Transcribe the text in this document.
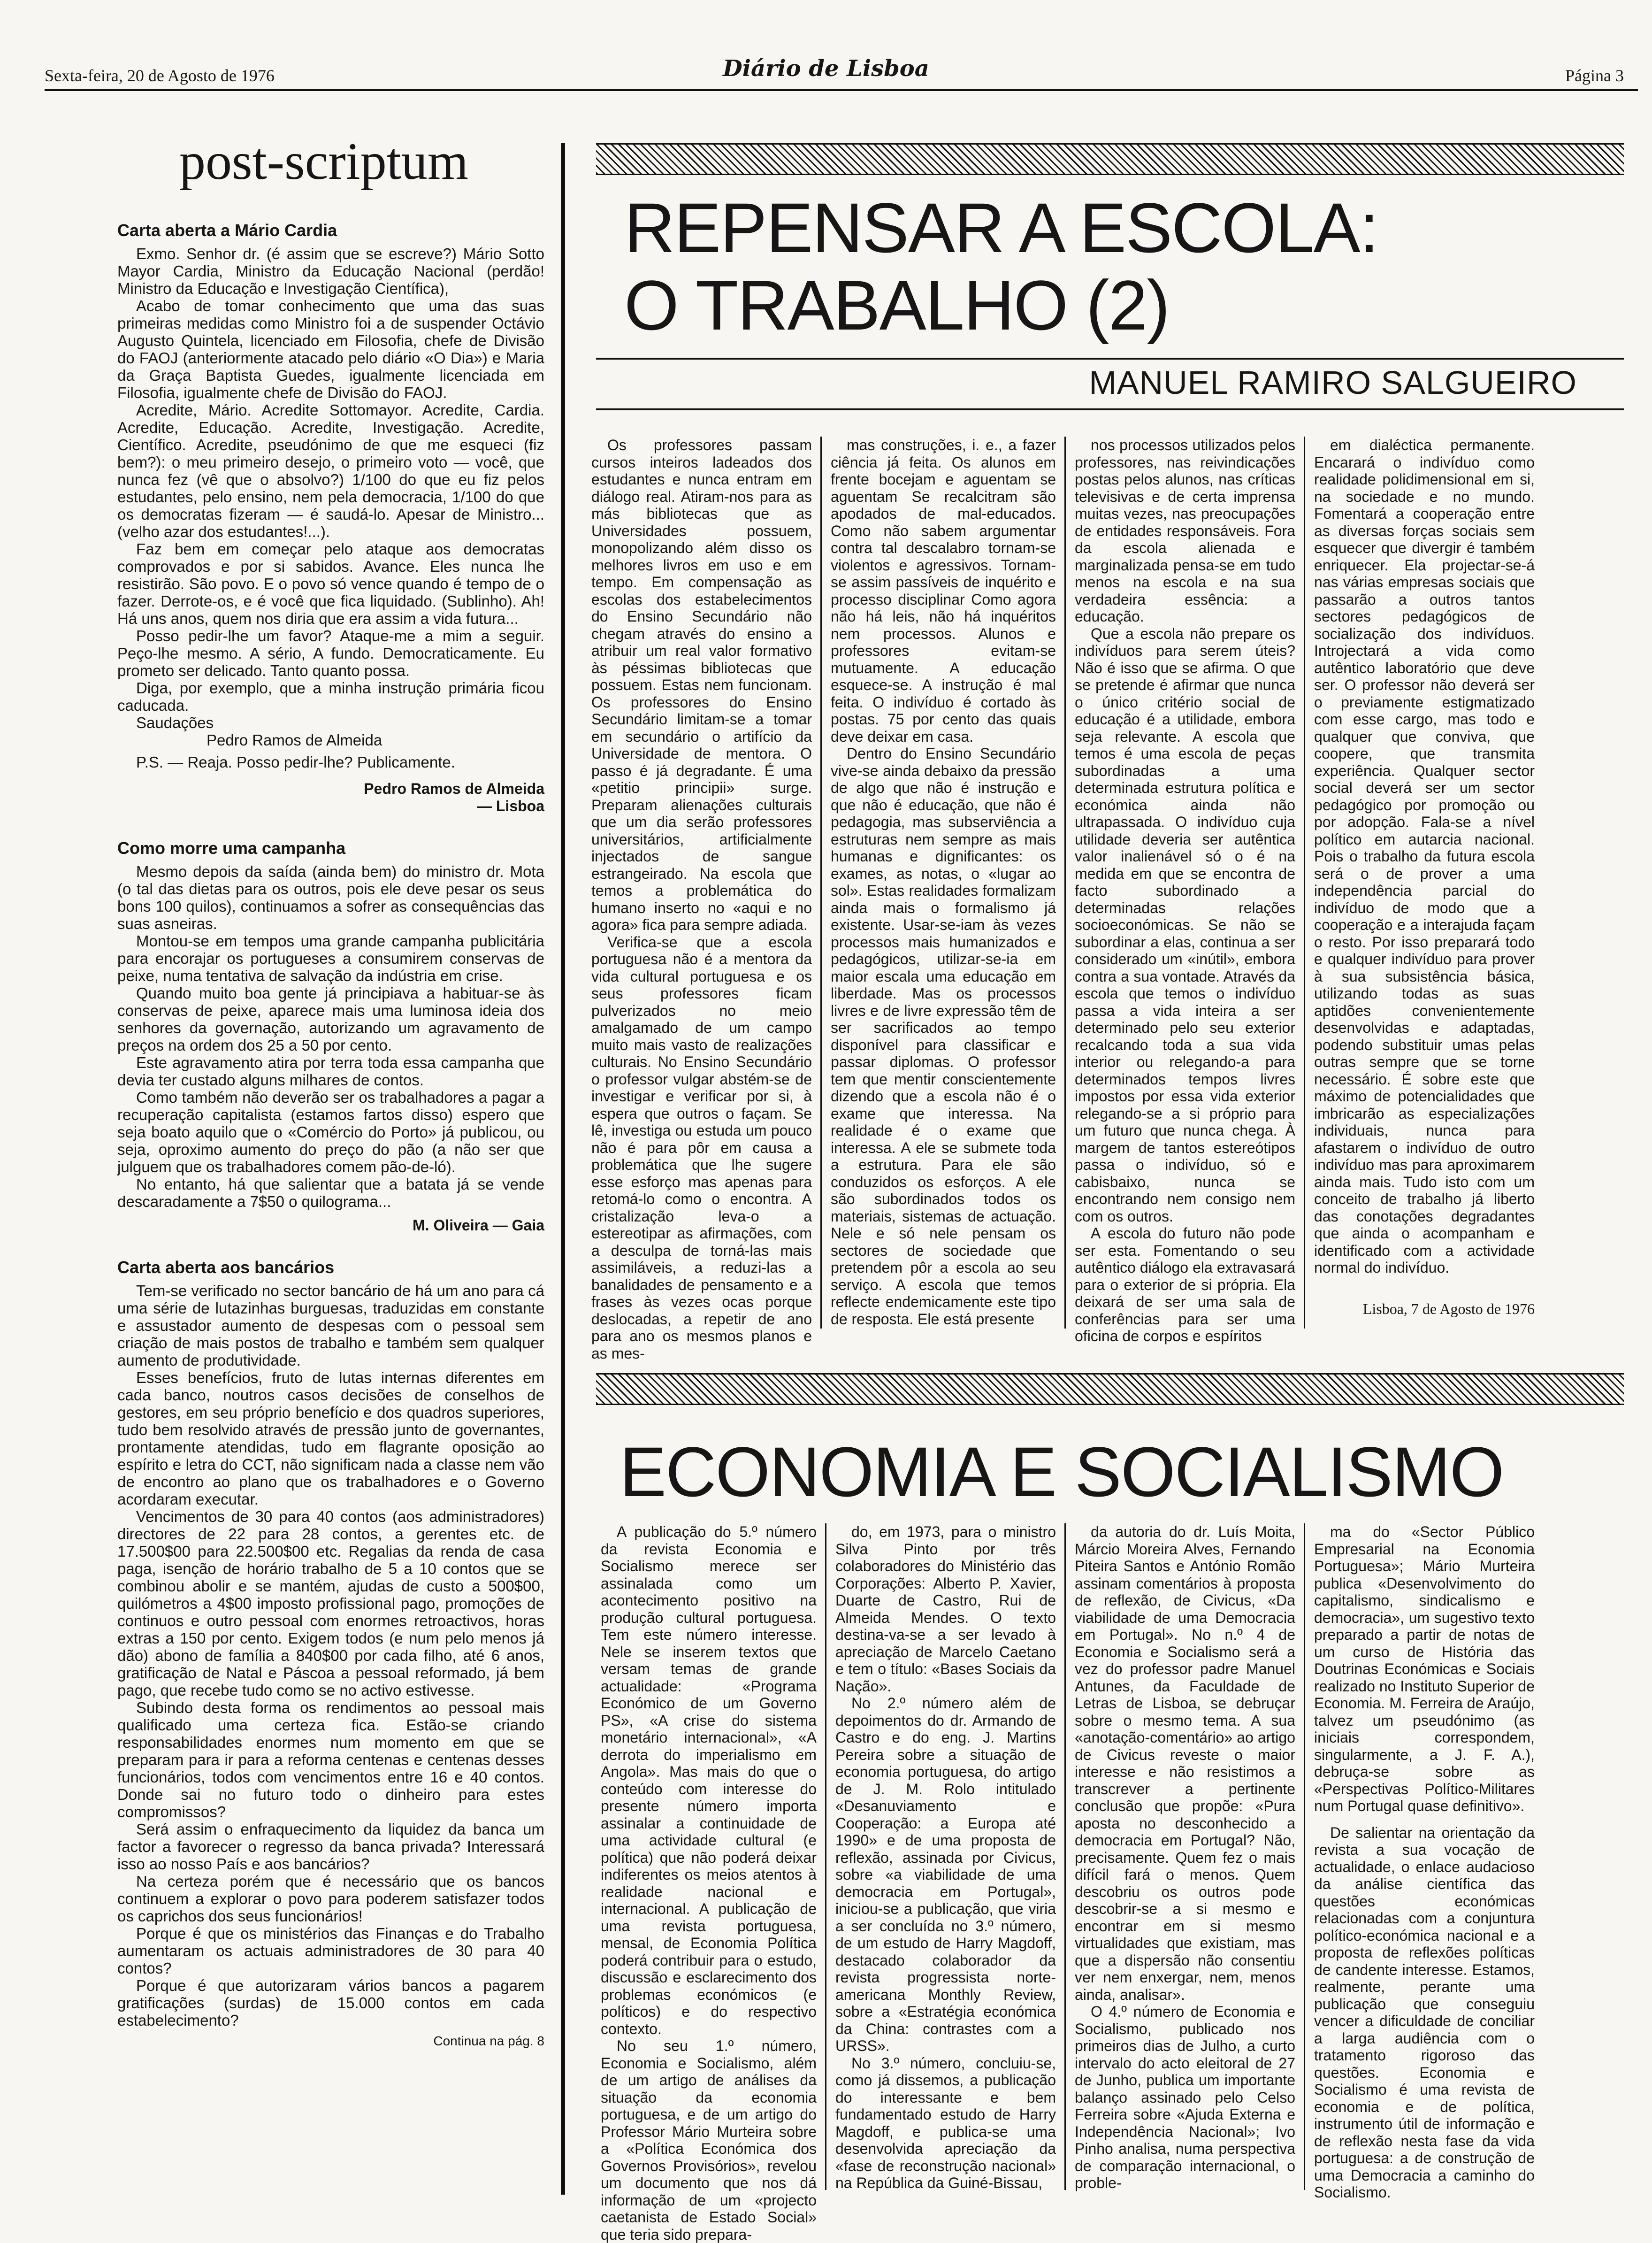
Sexta-feira, 20 de Agosto de 1976	Diário de Lisboa	Página 3
post-scriptum
Carta aberta a Mário Cardia

Exmo. Senhor dr. (é assim que se escreve?) Mário Sotto Mayor Cardia, Ministro da Educação Nacional (perdão! Ministro da Educação e Investigação Científica),

Acabo de tomar conhecimento que uma das suas primeiras medidas como Ministro foi a de suspender Octávio Augusto Quintela, licenciado em Filosofia, chefe de Divisão do FAOJ (anteriormente atacado pelo diário «O Dia») e Maria da Graça Baptista Guedes, igualmente licenciada em Filosofia, igualmente chefe de Divisão do FAOJ.

Acredite, Mário. Acredite Sottomayor. Acredite, Cardia. Acredite, Educação. Acredite, Investigação. Acredite, Científico. Acredite, pseudónimo de que me esqueci (fiz bem?): o meu primeiro desejo, o primeiro voto — você, que nunca fez (vê que o absolvo?) 1/100 do que eu fiz pelos estudantes, pelo ensino, nem pela democracia, 1/100 do que os democratas fizeram — é saudá-lo. Apesar de Ministro...(velho azar dos estudantes!...).

Faz bem em começar pelo ataque aos democratas comprovados e por si sabidos. Avance. Eles nunca lhe resistirão. São povo. E o povo só vence quando é tempo de o fazer. Derrote-os, e é você que fica liquidado. (Sublinho). Ah! Há uns anos, quem nos diria que era assim a vida futura...

Posso pedir-lhe um favor? Ataque-me a mim a seguir. Peço-lhe mesmo. A sério, A fundo. Democraticamente. Eu prometo ser delicado. Tanto quanto possa.

Diga, por exemplo, que a minha instrução primária ficou caducada.

Saudações

Pedro Ramos de Almeida

P.S. — Reaja. Posso pedir-lhe? Publicamente.

Pedro Ramos de Almeida
— Lisboa
Como morre uma campanha

Mesmo depois da saída (ainda bem) do ministro dr. Mota (o tal das dietas para os outros, pois ele deve pesar os seus bons 100 quilos), continuamos a sofrer as consequências das suas asneiras.

Montou-se em tempos uma grande campanha publicitária para encorajar os portugueses a consumirem conservas de peixe, numa tentativa de salvação da indústria em crise.

Quando muito boa gente já principiava a habituar-se às conservas de peixe, aparece mais uma luminosa ideia dos senhores da governação, autorizando um agravamento de preços na ordem dos 25 a 50 por cento.

Este agravamento atira por terra toda essa campanha que devia ter custado alguns milhares de contos.

Como também não deverão ser os trabalhadores a pagar a recuperação capitalista (estamos fartos disso) espero que seja boato aquilo que o «Comércio do Porto» já publicou, ou seja, oproximo aumento do preço do pão (a não ser que julguem que os trabalhadores comem pão-de-ló).

No entanto, há que salientar que a batata já se vende descaradamente a 7$50 o quilograma...

M. Oliveira — Gaia
Carta aberta aos bancários

Tem-se verificado no sector bancário de há um ano para cá uma série de lutazinhas burguesas, traduzidas em constante e assustador aumento de despesas com o pessoal sem criação de mais postos de trabalho e também sem qualquer aumento de produtividade.

Esses benefícios, fruto de lutas internas diferentes em cada banco, noutros casos decisões de conselhos de gestores, em seu próprio benefício e dos quadros superiores, tudo bem resolvido através de pressão junto de governantes, prontamente atendidas, tudo em flagrante oposição ao espírito e letra do CCT, não significam nada a classe nem vão de encontro ao plano que os trabalhadores e o Governo acordaram executar.

Vencimentos de 30 para 40 contos (aos administradores) directores de 22 para 28 contos, a gerentes etc. de 17.500$00 para 22.500$00 etc. Regalias da renda de casa paga, isenção de horário trabalho de 5 a 10 contos que se combinou abolir e se mantém, ajudas de custo a 500$00, quilómetros a 4$00 imposto profissional pago, promoções de continuos e outro pessoal com enormes retroactivos, horas extras a 150 por cento. Exigem todos (e num pelo menos já dão) abono de família a 840$00 por cada filho, até 6 anos, gratificação de Natal e Páscoa a pessoal reformado, já bem pago, que recebe tudo como se no activo estivesse.

Subindo desta forma os rendimentos ao pessoal mais qualificado uma certeza fica. Estão-se criando responsabilidades enormes num momento em que se preparam para ir para a reforma centenas e centenas desses funcionários, todos com vencimentos entre 16 e 40 contos. Donde sai no futuro todo o dinheiro para estes compromissos?

Será assim o enfraquecimento da liquidez da banca um factor a favorecer o regresso da banca privada? Interessará isso ao nosso País e aos bancários?

Na certeza porém que é necessário que os bancos continuem a explorar o povo para poderem satisfazer todos os caprichos dos seus funcionários!

Porque é que os ministérios das Finanças e do Trabalho aumentaram os actuais administradores de 30 para 40 contos?

Porque é que autorizaram vários bancos a pagarem gratificações (surdas) de 15.000 contos em cada estabelecimento?

Continua na pág. 8
REPENSAR A ESCOLA:
O TRABALHO (2)
MANUEL RAMIRO SALGUEIRO

Os professores passam cursos inteiros ladeados dos estudantes e nunca entram em diálogo real. Atiram-nos para as más bibliotecas que as Universidades possuem, monopolizando além disso os melhores livros em uso e em tempo. Em compensação as escolas dos estabelecimentos do Ensino Secundário não chegam através do ensino a atribuir um real valor formativo às péssimas bibliotecas que possuem. Estas nem funcionam. Os professores do Ensino Secundário limitam-se a tomar em secundário o artifício da Universidade de mentora. O passo é já degradante. É uma «petitio principii» surge. Preparam alienações culturais que um dia serão professores universitários, artificialmente injectados de sangue estrangeirado. Na escola que temos a problemática do humano inserto no «aqui e no agora» fica para sempre adiada.

Verifica-se que a escola portuguesa não é a mentora da vida cultural portuguesa e os seus professores ficam pulverizados no meio amalgamado de um campo muito mais vasto de realizações culturais. No Ensino Secundário o professor vulgar abstém-se de investigar e verificar por si, à espera que outros o façam. Se lê, investiga ou estuda um pouco não é para pôr em causa a problemática que lhe sugere esse esforço mas apenas para retomá-lo como o encontra. A cristalização leva-o a estereotipar as afirmações, com a desculpa de torná-las mais assimiláveis, a reduzi-las a banalidades de pensamento e a frases às vezes ocas porque deslocadas, a repetir de ano para ano os mesmos planos e as mes-

mas construções, i. e., a fazer ciência já feita. Os alunos em frente bocejam e aguentam se aguentam Se recalcitram são apodados de mal-educados. Como não sabem argumentar contra tal descalabro tornam-se violentos e agressivos. Tornam-se assim passíveis de inquérito e processo disciplinar Como agora não há leis, não há inquéritos nem processos. Alunos e professores evitam-se mutuamente. A educação esquece-se. A instrução é mal feita. O indivíduo é cortado às postas. 75 por cento das quais deve deixar em casa.

Dentro do Ensino Secundário vive-se ainda debaixo da pressão de algo que não é instrução e que não é educação, que não é pedagogia, mas subserviência a estruturas nem sempre as mais humanas e dignificantes: os exames, as notas, o «lugar ao sol». Estas realidades formalizam ainda mais o formalismo já existente. Usar-se-iam às vezes processos mais humanizados e pedagógicos, utilizar-se-ia em maior escala uma educação em liberdade. Mas os processos livres e de livre expressão têm de ser sacrificados ao tempo disponível para classificar e passar diplomas. O professor tem que mentir conscientemente dizendo que a escola não é o exame que interessa. Na realidade é o exame que interessa. A ele se submete toda a estrutura. Para ele são conduzidos os esforços. A ele são subordinados todos os materiais, sistemas de actuação. Nele e só nele pensam os sectores de sociedade que pretendem pôr a escola ao seu serviço. A escola que temos reflecte endemicamente este tipo de resposta. Ele está presente

nos processos utilizados pelos professores, nas reivindicações postas pelos alunos, nas críticas televisivas e de certa imprensa muitas vezes, nas preocupações de entidades responsáveis. Fora da escola alienada e marginalizada pensa-se em tudo menos na escola e na sua verdadeira essência: a educação.

Que a escola não prepare os indivíduos para serem úteis? Não é isso que se afirma. O que se pretende é afirmar que nunca o único critério social de educação é a utilidade, embora seja relevante. A escola que temos é uma escola de peças subordinadas a uma determinada estrutura política e económica ainda não ultrapassada. O indivíduo cuja utilidade deveria ser autêntica valor inalienável só o é na medida em que se encontra de facto subordinado a determinadas relações socioeconómicas. Se não se subordinar a elas, continua a ser considerado um «inútil», embora contra a sua vontade. Através da escola que temos o indivíduo passa a vida inteira a ser determinado pelo seu exterior recalcando toda a sua vida interior ou relegando-a para determinados tempos livres impostos por essa vida exterior relegando-se a si próprio para um futuro que nunca chega. À margem de tantos estereótipos passa o indivíduo, só e cabisbaixo, nunca se encontrando nem consigo nem com os outros.

A escola do futuro não pode ser esta. Fomentando o seu autêntico diálogo ela extravasará para o exterior de si própria. Ela deixará de ser uma sala de conferências para ser uma oficina de corpos e espíritos

em dialéctica permanente. Encarará o indivíduo como realidade polidimensional em si, na sociedade e no mundo. Fomentará a cooperação entre as diversas forças sociais sem esquecer que divergir é também enriquecer. Ela projectar-se-á nas várias empresas sociais que passarão a outros tantos sectores pedagógicos de socialização dos indivíduos. Introjectará a vida como autêntico laboratório que deve ser. O professor não deverá ser o previamente estigmatizado com esse cargo, mas todo e qualquer que conviva, que coopere, que transmita experiência. Qualquer sector social deverá ser um sector pedagógico por promoção ou por adopção. Fala-se a nível político em autarcia nacional. Pois o trabalho da futura escola será o de prover a uma independência parcial do indivíduo de modo que a cooperação e a interajuda façam o resto. Por isso preparará todo e qualquer indivíduo para prover à sua subsistência básica, utilizando todas as suas aptidões convenientemente desenvolvidas e adaptadas, podendo substituir umas pelas outras sempre que se torne necessário. É sobre este que máximo de potencialidades que imbricarão as especializações individuais, nunca para afastarem o indivíduo de outro indivíduo mas para aproximarem ainda mais. Tudo isto com um conceito de trabalho já liberto das conotações degradantes que ainda o acompanham e identificado com a actividade normal do indivíduo.

Lisboa, 7 de Agosto de 1976
ECONOMIA E SOCIALISMO

A publicação do 5.º número da revista Economia e Socialismo merece ser assinalada como um acontecimento positivo na produção cultural portuguesa. Tem este número interesse. Nele se inserem textos que versam temas de grande actualidade: «Programa Económico de um Governo PS», «A crise do sistema monetário internacional», «A derrota do imperialismo em Angola». Mas mais do que o conteúdo com interesse do presente número importa assinalar a continuidade de uma actividade cultural (e política) que não poderá deixar indiferentes os meios atentos à realidade nacional e internacional. A publicação de uma revista portuguesa, mensal, de Economia Política poderá contribuir para o estudo, discussão e esclarecimento dos problemas económicos (e políticos) e do respectivo contexto.

No seu 1.º número, Economia e Socialismo, além de um artigo de análises da situação da economia portuguesa, e de um artigo do Professor Mário Murteira sobre a «Política Económica dos Governos Provisórios», revelou um documento que nos dá informação de um «projecto caetanista de Estado Social» que teria sido prepara-

do, em 1973, para o ministro Silva Pinto por três colaboradores do Ministério das Corporações: Alberto P. Xavier, Duarte de Castro, Rui de Almeida Mendes. O texto destina-va-se a ser levado à apreciação de Marcelo Caetano e tem o título: «Bases Sociais da Nação».

No 2.º número além de depoimentos do dr. Armando de Castro e do eng. J. Martins Pereira sobre a situação de economia portuguesa, do artigo de J. M. Rolo intitulado «Desanuviamento e Cooperação: a Europa até 1990» e de uma proposta de reflexão, assinada por Civicus, sobre «a viabilidade de uma democracia em Portugal», iniciou-se a publicação, que viria a ser concluída no 3.º número, de um estudo de Harry Magdoff, destacado colaborador da revista progressista norte-americana Monthly Review, sobre a «Estratégia económica da China: contrastes com a URSS».

No 3.º número, concluiu-se, como já dissemos, a publicação do interessante e bem fundamentado estudo de Harry Magdoff, e publica-se uma desenvolvida apreciação da «fase de reconstrução nacional» na República da Guiné-Bissau,

da autoria do dr. Luís Moita, Márcio Moreira Alves, Fernando Piteira Santos e António Romão assinam comentários à proposta de reflexão, de Civicus, «Da viabilidade de uma Democracia em Portugal». No n.º 4 de Economia e Socialismo será a vez do professor padre Manuel Antunes, da Faculdade de Letras de Lisboa, se debruçar sobre o mesmo tema. A sua «anotação-comentário» ao artigo de Civicus reveste o maior interesse e não resistimos a transcrever a pertinente conclusão que propõe: «Pura aposta no desconhecido a democracia em Portugal? Não, precisamente. Quem fez o mais difícil fará o menos. Quem descobriu os outros pode descobrir-se a si mesmo e encontrar em si mesmo virtualidades que existiam, mas que a dispersão não consentiu ver nem enxergar, nem, menos ainda, analisar».

O 4.º número de Economia e Socialismo, publicado nos primeiros dias de Julho, a curto intervalo do acto eleitoral de 27 de Junho, publica um importante balanço assinado pelo Celso Ferreira sobre «Ajuda Externa e Independência Nacional»; Ivo Pinho analisa, numa perspectiva de comparação internacional, o proble-

ma do «Sector Público Empresarial na Economia Portuguesa»; Mário Murteira publica «Desenvolvimento do capitalismo, sindicalismo e democracia», um sugestivo texto preparado a partir de notas de um curso de História das Doutrinas Económicas e Sociais realizado no Instituto Superior de Economia. M. Ferreira de Araújo, talvez um pseudónimo (as iniciais correspondem, singularmente, a J. F. A.), debruça-se sobre as «Perspectivas Político-Militares num Portugal quase definitivo».

De salientar na orientação da revista a sua vocação de actualidade, o enlace audacioso da análise científica das questões económicas relacionadas com a conjuntura político-económica nacional e a proposta de reflexões políticas de candente interesse. Estamos, realmente, perante uma publicação que conseguiu vencer a dificuldade de conciliar a larga audiência com o tratamento rigoroso das questões. Economia e Socialismo é uma revista de economia e de política, instrumento útil de informação e de reflexão nesta fase da vida portuguesa: a de construção de uma Democracia a caminho do Socialismo.
